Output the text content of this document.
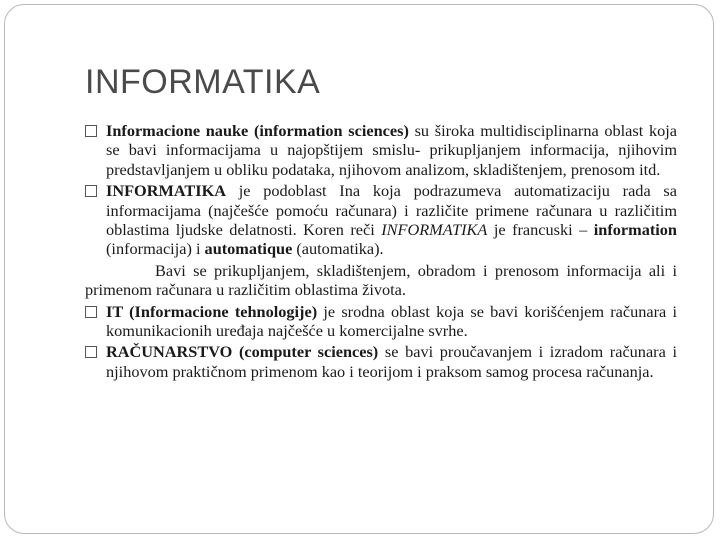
INFORMATIKA
Informacione nauke (information sciences) su široka multidisciplinarna oblast koja se bavi informacijama u najopštijem smislu- prikupljanjem informacija, njihovim predstavljanjem u obliku podataka, njihovom analizom, skladištenjem, prenosom itd.
INFORMATIKA je podoblast Ina koja podrazumeva automatizaciju rada sa informacijama (najčešće pomoću računara) i različite primene računara u različitim oblastima ljudske delatnosti. Koren reči INFORMATIKA je francuski – information (informacija) i automatique (automatika).
Bavi se prikupljanjem, skladištenjem, obradom i prenosom informacija ali i primenom računara u različitim oblastima života.
IT (Informacione tehnologije) je srodna oblast koja se bavi korišćenjem računara i komunikacionih uređaja najčešće u komercijalne svrhe.
RAČUNARSTVO (computer sciences) se bavi proučavanjem i izradom računara i njihovom praktičnom primenom kao i teorijom i praksom samog procesa računanja.
